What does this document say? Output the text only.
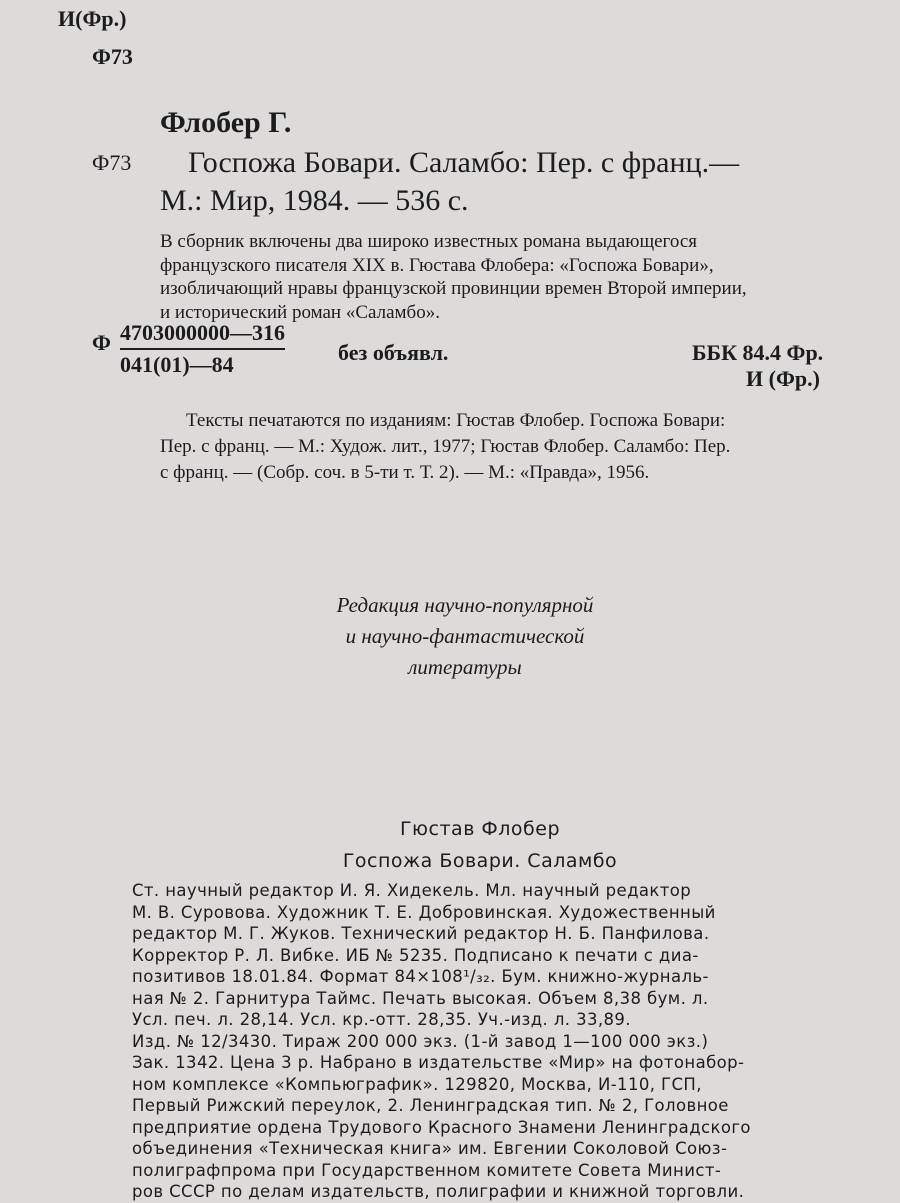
И(Фр.)
Ф73
Флобер Г.
Ф73 Госпожа Бовари. Саламбо: Пер. с франц.—
М.: Мир, 1984. — 536 с.
В сборник включены два широко известных романа выдающегося
французского писателя XIX в. Гюстава Флобера: «Госпожа Бовари»,
изобличающий нравы французской провинции времен Второй империи,
и исторический роман «Саламбо».
Ф $\frac{4703000000—316}{041(01)—84}$ без объявл.	ББК 84.4 Фр.
И (Фр.)
Тексты печатаются по изданиям: Гюстав Флобер. Госпожа Бовари:
Пер. с франц. — М.: Худож. лит., 1977; Гюстав Флобер. Саламбо: Пер.
с франц. — (Собр. соч. в 5-ти т. Т. 2). — М.: «Правда», 1956.
Редакция научно-популярной
и научно-фантастической
литературы
Гюстав Флобер
Госпожа Бовари. Саламбо
Ст. научный редактор И. Я. Хидекель. Мл. научный редактор
М. В. Суровова. Художник Т. Е. Добровинская. Художественный
редактор М. Г. Жуков. Технический редактор Н. Б. Панфилова.
Корректор Р. Л. Вибке. ИБ № 5235. Подписано к печати с диа-
позитивов 18.01.84. Формат 84×108¹/₃₂. Бум. книжно-журналь-
ная № 2. Гарнитура Таймс. Печать высокая. Объем 8,38 бум. л.
Усл. печ. л. 28,14. Усл. кр.-отт. 28,35. Уч.-изд. л. 33,89.
Изд. № 12/3430. Тираж 200 000 экз. (1-й завод 1—100 000 экз.)
Зак. 1342. Цена 3 р. Набрано в издательстве «Мир» на фотонабор-
ном комплексе «Компьюграфик». 129820, Москва, И-110, ГСП,
Первый Рижский переулок, 2. Ленинградская тип. № 2, Головное
предприятие ордена Трудового Красного Знамени Ленинградского
объединения «Техническая книга» им. Евгении Соколовой Союз-
полиграфпрома при Государственном комитете Совета Минист-
ров СССР по делам издательств, полиграфии и книжной торговли.
